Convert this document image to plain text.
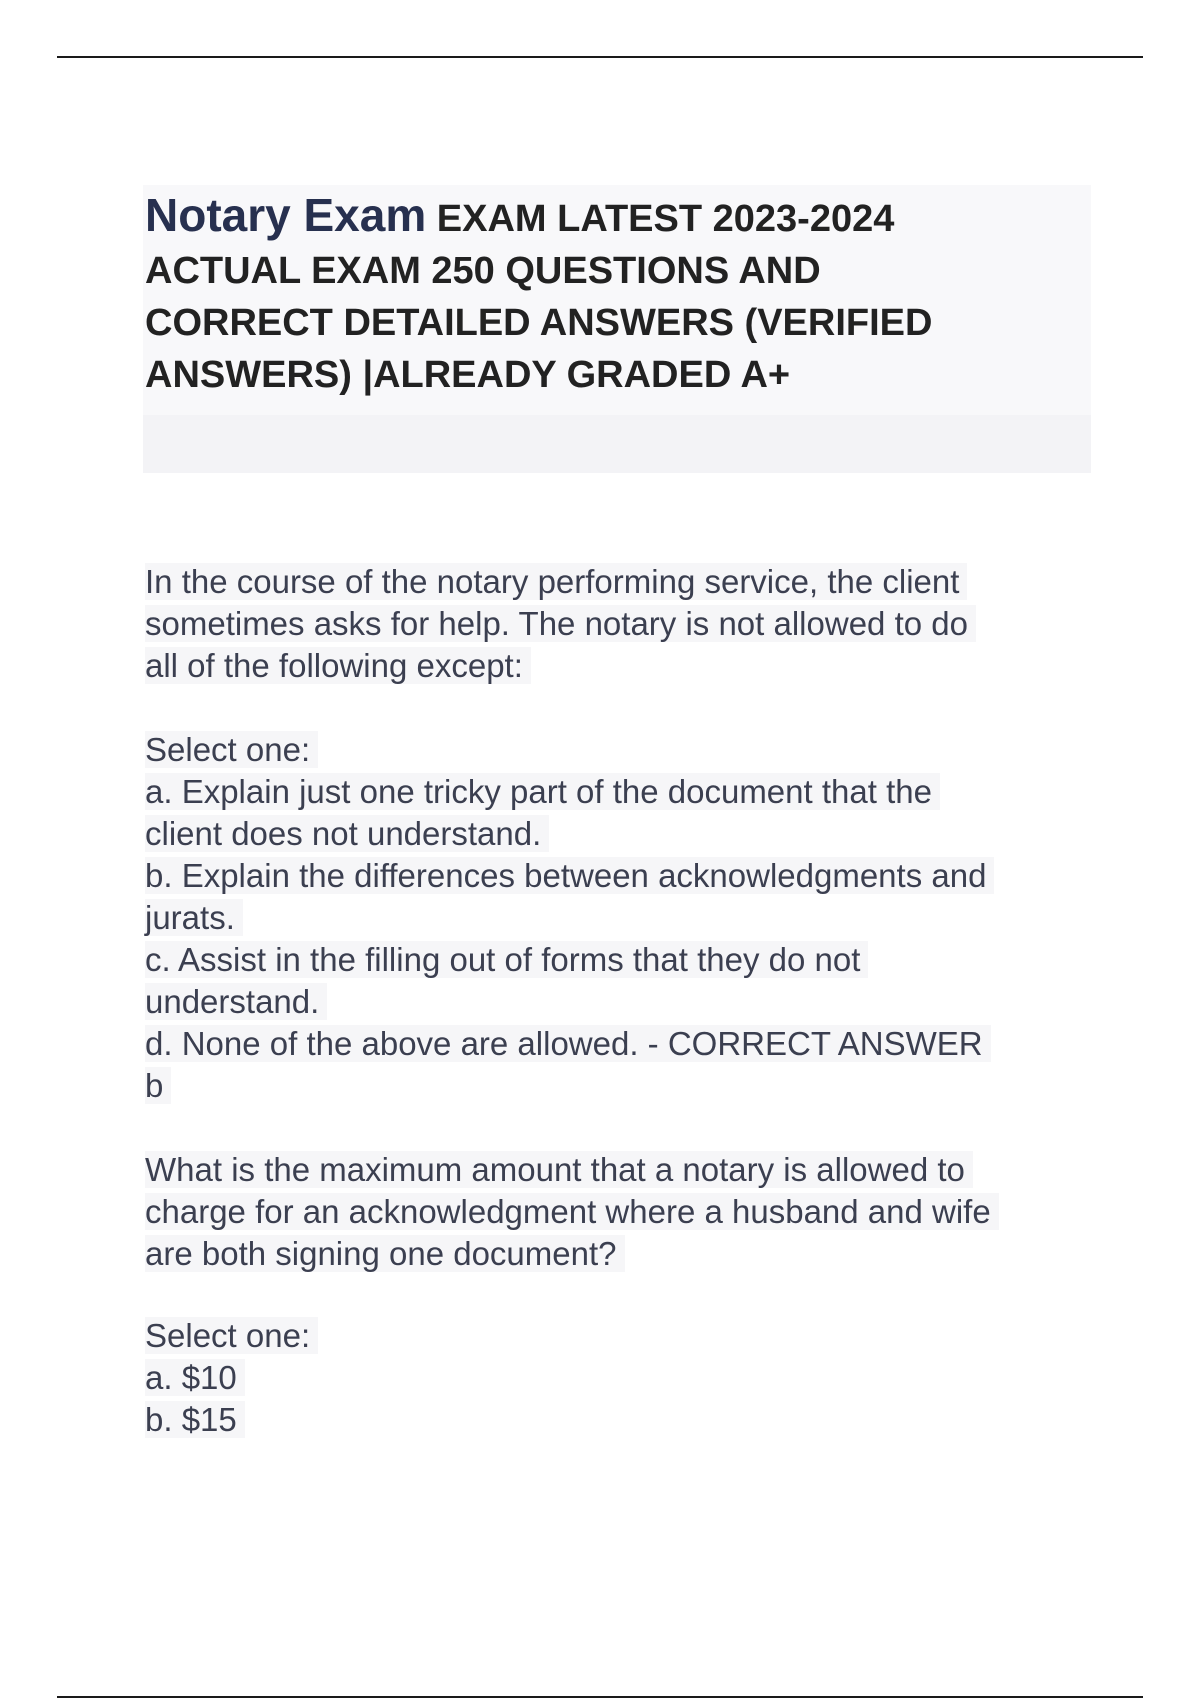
Notary Exam EXAM LATEST 2023-2024
ACTUAL EXAM 250 QUESTIONS AND
CORRECT DETAILED ANSWERS (VERIFIED
ANSWERS) |ALREADY GRADED A+
In the course of the notary performing service, the client
sometimes asks for help. The notary is not allowed to do
all of the following except:
Select one:
a. Explain just one tricky part of the document that the
client does not understand.
b. Explain the differences between acknowledgments and
jurats.
c. Assist in the filling out of forms that they do not
understand.
d. None of the above are allowed. - CORRECT ANSWER
b
What is the maximum amount that a notary is allowed to
charge for an acknowledgment where a husband and wife
are both signing one document?
Select one:
a. $10
b. $15
